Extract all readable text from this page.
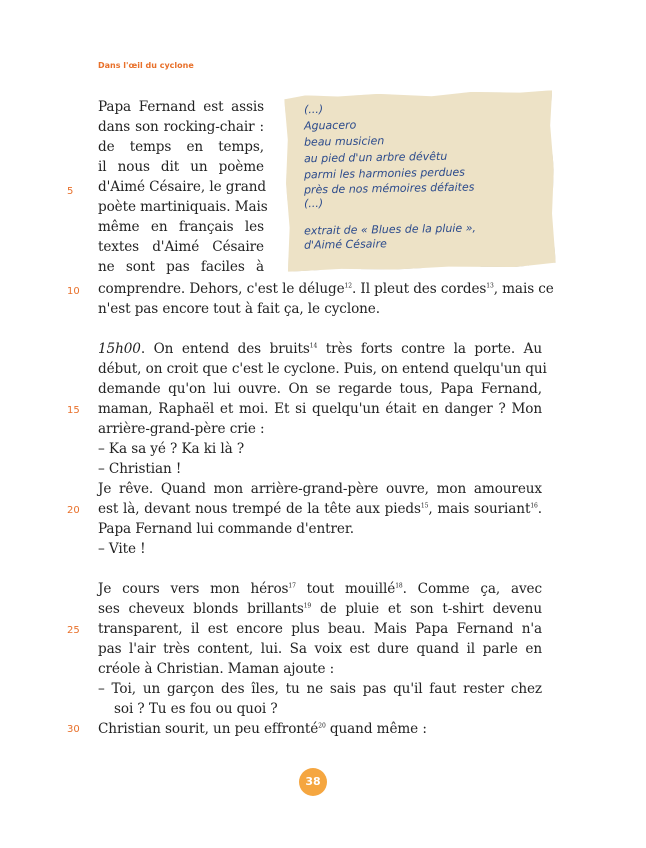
Dans l'œil du cyclone
(...)
Aguacero
beau musicien
au pied d'un arbre dévêtu
parmi les harmonies perdues
près de nos mémoires défaites
(...)
extrait de « Blues de la pluie »,
d'Aimé Césaire
5
10
15
20
25
30
Papa Fernand est assis
dans son rocking-chair :
de temps en temps,
il nous dit un poème
d'Aimé Césaire, le grand
poète martiniquais. Mais
même en français les
textes d'Aimé Césaire
ne sont pas faciles à
comprendre. Dehors, c'est le déluge$^{12}$. Il pleut des cordes$^{13}$, mais ce
n'est pas encore tout à fait ça, le cyclone.
15h00. On entend des bruits$^{14}$ très forts contre la porte. Au
début, on croit que c'est le cyclone. Puis, on entend quelqu'un qui
demande qu'on lui ouvre. On se regarde tous, Papa Fernand,
maman, Raphaël et moi. Et si quelqu'un était en danger ? Mon
arrière-grand-père crie :
– Ka sa yé ? Ka ki là ?
– Christian !
Je rêve. Quand mon arrière-grand-père ouvre, mon amoureux
est là, devant nous trempé de la tête aux pieds$^{15}$, mais souriant$^{16}$.
Papa Fernand lui commande d'entrer.
– Vite !
Je cours vers mon héros$^{17}$ tout mouillé$^{18}$. Comme ça, avec
ses cheveux blonds brillants$^{19}$ de pluie et son t-shirt devenu
transparent, il est encore plus beau. Mais Papa Fernand n'a
pas l'air très content, lui. Sa voix est dure quand il parle en
créole à Christian. Maman ajoute :
– Toi, un garçon des îles, tu ne sais pas qu'il faut rester chez
soi ? Tu es fou ou quoi ?
Christian sourit, un peu effronté$^{20}$ quand même :
38
